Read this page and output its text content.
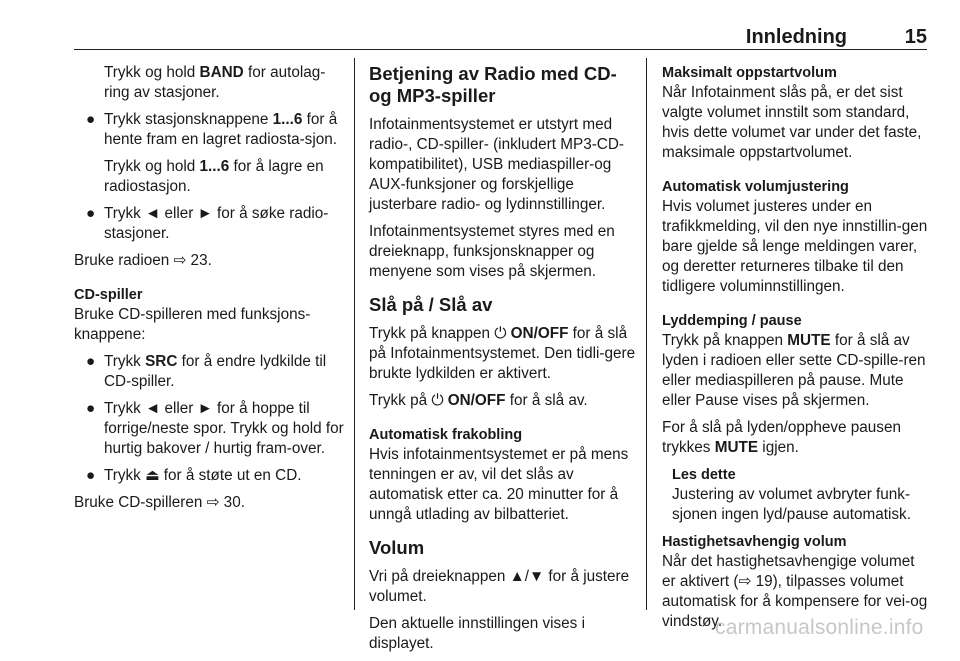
Innledning	15
Trykk og hold BAND for autolag-ring av stasjoner.
● Trykk stasjonsknappene 1...6 for å hente fram en lagret radiosta-sjon.
Trykk og hold 1...6 for å lagre en radiostasjon.
● Trykk ◄ eller ► for å søke radio-stasjoner.

Bruke radioen ⇨ 23.

CD-spiller

Bruke CD-spilleren med funksjons-knappene:

● Trykk SRC for å endre lydkilde til CD-spiller.
● Trykk ◄ eller ► for å hoppe til forrige/neste spor. Trykk og hold for hurtig bakover / hurtig fram-over.
● Trykk ⏏ for å støte ut en CD.

Bruke CD-spilleren ⇨ 30.

Betjening av Radio med CD- og MP3-spiller

Infotainmentsystemet er utstyrt med radio-, CD-spiller- (inkludert MP3-CD-kompatibilitet), USB mediaspiller-og AUX-funksjoner og forskjellige justerbare radio- og lydinnstillinger.

Infotainmentsystemet styres med en dreieknapp, funksjonsknapper og menyene som vises på skjermen.

Slå på / Slå av

Trykk på knappen ⏻ ON/OFF for å slå på Infotainmentsystemet. Den tidli-gere brukte lydkilden er aktivert.

Trykk på ⏻ ON/OFF for å slå av.

Automatisk frakobling

Hvis infotainmentsystemet er på mens tenningen er av, vil det slås av automatisk etter ca. 20 minutter for å unngå utlading av bilbatteriet.

Volum

Vri på dreieknappen ▲/▼ for å justere volumet.

Den aktuelle innstillingen vises i displayet.

Maksimalt oppstartvolum

Når Infotainment slås på, er det sist valgte volumet innstilt som standard, hvis dette volumet var under det faste, maksimale oppstartvolumet.

Automatisk volumjustering

Hvis volumet justeres under en trafikkmelding, vil den nye innstillin-gen bare gjelde så lenge meldingen varer, og deretter returneres tilbake til den tidligere voluminnstillingen.

Lyddemping / pause

Trykk på knappen MUTE for å slå av lyden i radioen eller sette CD-spille-ren eller mediaspilleren på pause. Mute eller Pause vises på skjermen.

For å slå på lyden/oppheve pausen trykkes MUTE igjen.

Les dette

Justering av volumet avbryter funk-sjonen ingen lyd/pause automatisk.

Hastighetsavhengig volum

Når det hastighetsavhengige volumet er aktivert (⇨ 19), tilpasses volumet automatisk for å kompensere for vei-og vindstøy.

carmanualsonline.info
